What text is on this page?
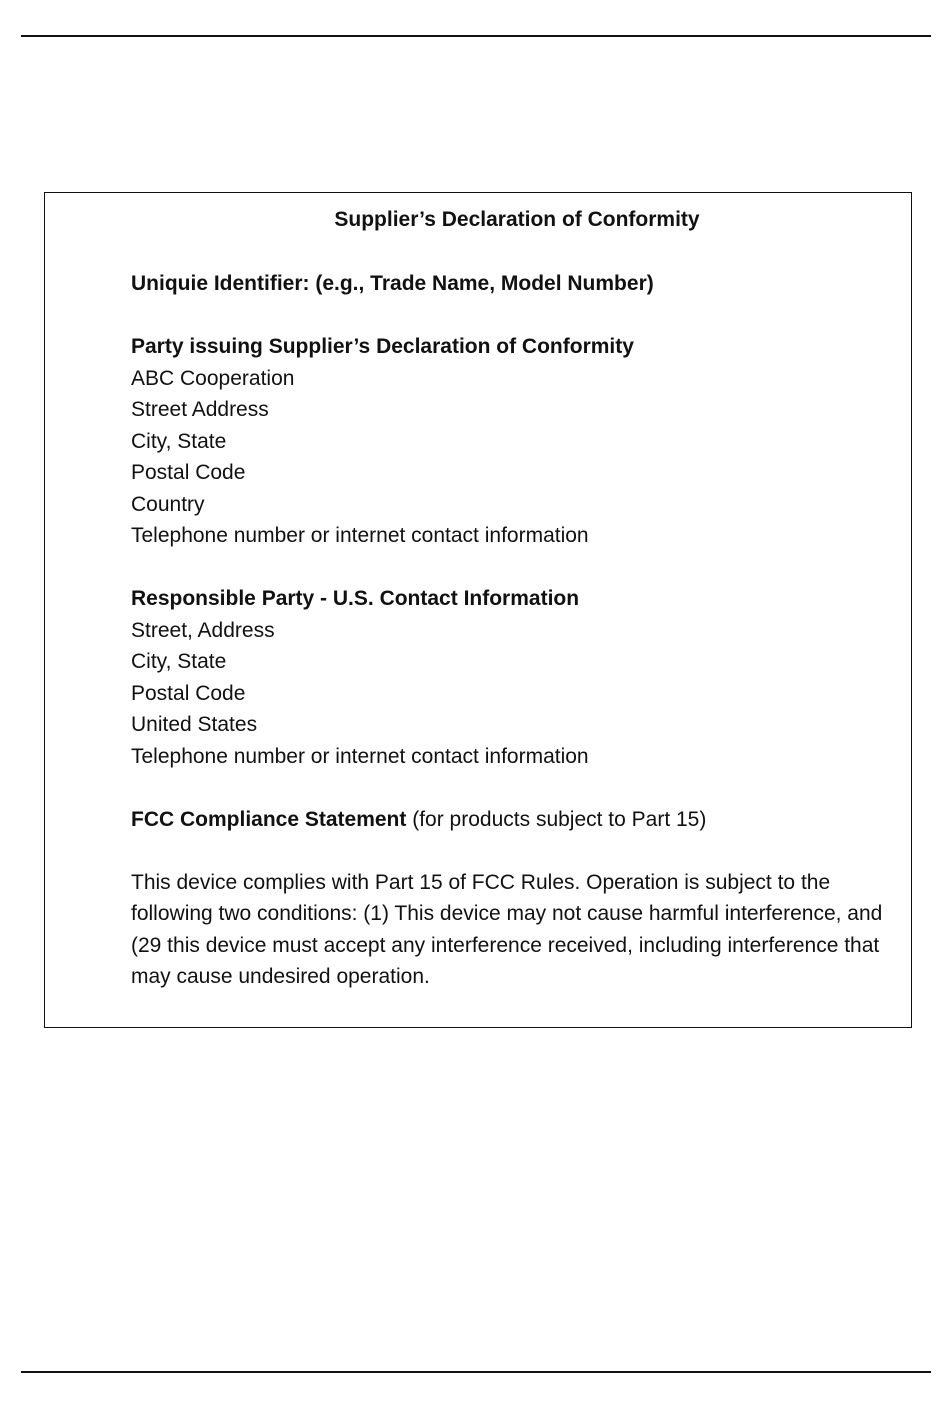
Supplier’s Declaration of Conformity
Uniquie Identifier: (e.g., Trade Name, Model Number)
Party issuing Supplier’s Declaration of Conformity
ABC Cooperation
Street Address
City, State
Postal Code
Country
Telephone number or internet contact information
Responsible Party - U.S. Contact Information
Street, Address
City, State
Postal Code
United States
Telephone number or internet contact information
FCC Compliance Statement (for products subject to Part 15)
This device complies with Part 15 of FCC Rules. Operation is subject to the following two conditions: (1) This device may not cause harmful interference, and (29 this device must accept any interference received, including interference that may cause undesired operation.
